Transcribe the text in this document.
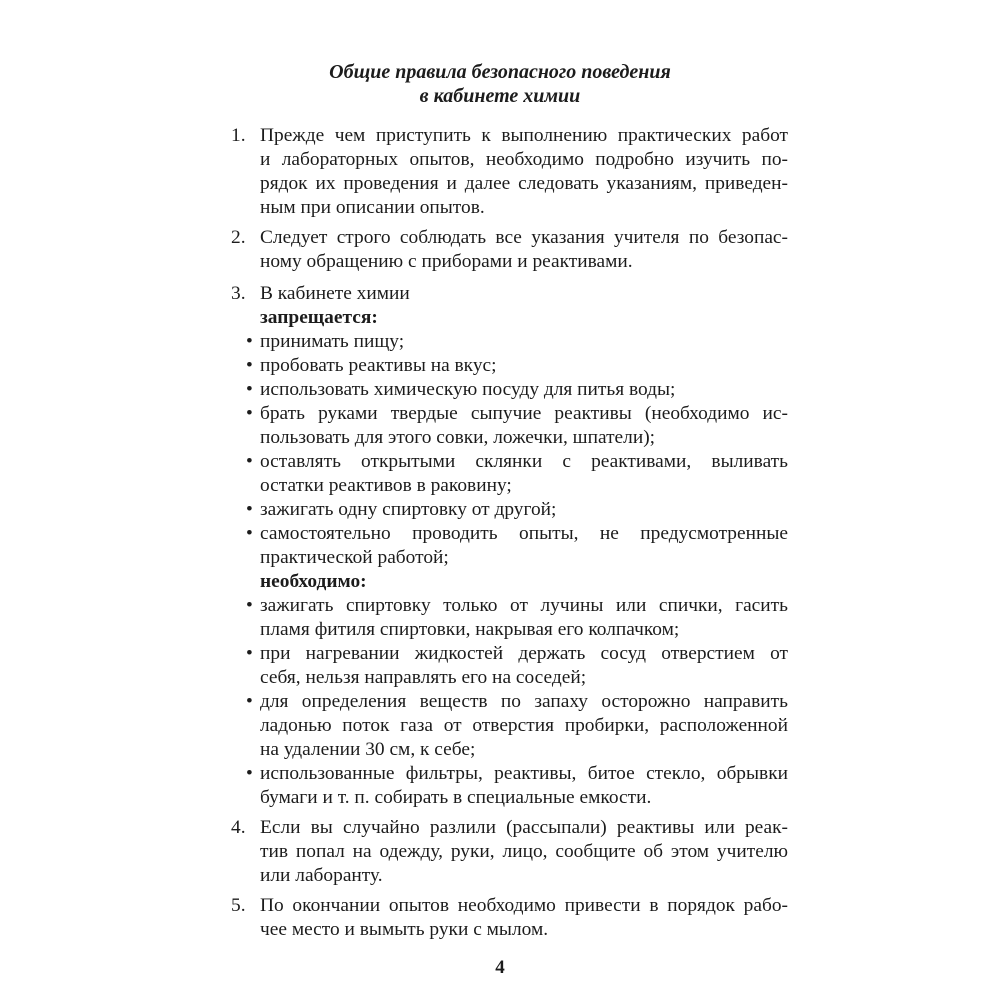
Общие правила безопасного поведения
в кабинете химии
1. Прежде чем приступить к выполнению практических работ
и лабораторных опытов, необходимо подробно изучить по-
рядок их проведения и далее следовать указаниям, приведен-
ным при описании опытов.
2. Следует строго соблюдать все указания учителя по безопас-
ному обращению с приборами и реактивами.
3. В кабинете химии
запрещается:
• принимать пищу;
• пробовать реактивы на вкус;
• использовать химическую посуду для питья воды;
• брать руками твердые сыпучие реактивы (необходимо ис-
пользовать для этого совки, ложечки, шпатели);
• оставлять открытыми склянки с реактивами, выливать
остатки реактивов в раковину;
• зажигать одну спиртовку от другой;
• самостоятельно проводить опыты, не предусмотренные
практической работой;
необходимо:
• зажигать спиртовку только от лучины или спички, гасить
пламя фитиля спиртовки, накрывая его колпачком;
• при нагревании жидкостей держать сосуд отверстием от
себя, нельзя направлять его на соседей;
• для определения веществ по запаху осторожно направить
ладонью поток газа от отверстия пробирки, расположенной
на удалении 30 см, к себе;
• использованные фильтры, реактивы, битое стекло, обрывки
бумаги и т. п. собирать в специальные емкости.
4. Если вы случайно разлили (рассыпали) реактивы или реак-
тив попал на одежду, руки, лицо, сообщите об этом учителю
или лаборанту.
5. По окончании опытов необходимо привести в порядок рабо-
чее место и вымыть руки с мылом.
4
